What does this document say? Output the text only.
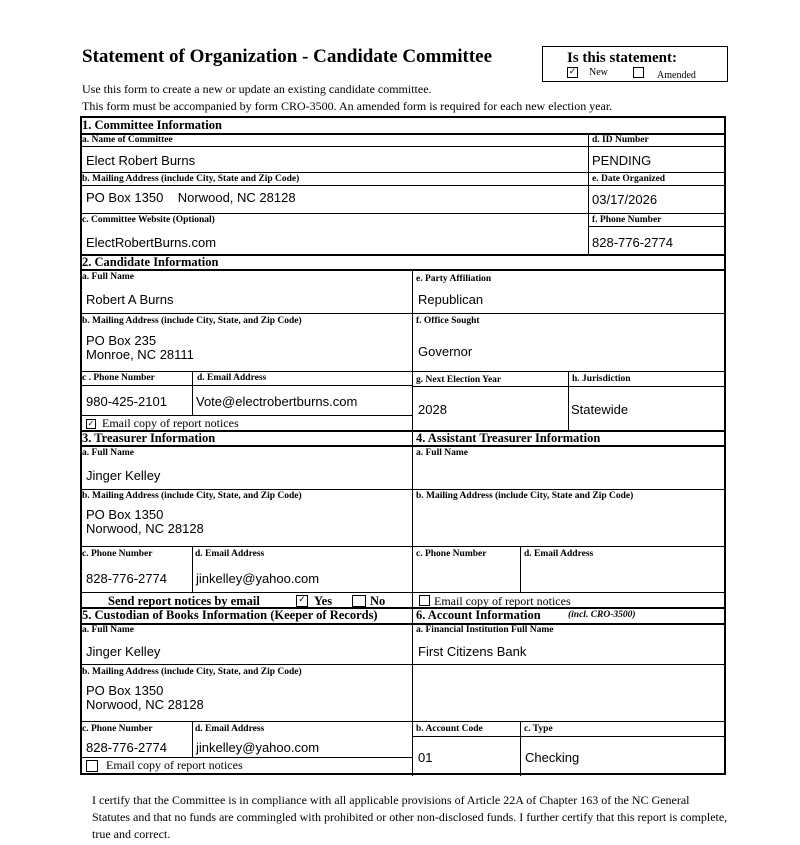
Statement of Organization - Candidate Committee	Is this statement:
✓ New	Amended
Use this form to create a new or update an existing candidate committee.
This form must be accompanied by form CRO-3500. An amended form is required for each new election year.
1. Committee Information
a. Name of Committee
Elect Robert Burns
d. ID Number
PENDING
b. Mailing Address (include City, State and Zip Code)
PO Box 1350    Norwood, NC 28128
e. Date Organized
03/17/2026
c. Committee Website (Optional)
ElectRobertBurns.com
f. Phone Number
828-776-2774
2. Candidate Information
a. Full Name
Robert A Burns
e. Party Affiliation
Republican
b. Mailing Address (include City, State, and Zip Code)
PO Box 235
Monroe, NC 28111
f. Office Sought
Governor
c . Phone Number	d. Email Address
980-425-2101 Vote@electrobertburns.com
✓ Email copy of report notices
g. Next Election Year	h. Jurisdiction
2028	Statewide
3. Treasurer Information	4. Assistant Treasurer Information
a. Full Name
Jinger Kelley
a. Full Name
b. Mailing Address (include City, State, and Zip Code)
PO Box 1350
Norwood, NC 28128
b. Mailing Address (include City, State and Zip Code)
c. Phone Number	d. Email Address
828-776-2774 jinkelley@yahoo.com
c. Phone Number	d. Email Address
Send report notices by email	✓ Yes	No	Email copy of report notices
5. Custodian of Books Information (Keeper of Records)	6. Account Information	(incl. CRO-3500)
a. Full Name
Jinger Kelley
a. Financial Institution Full Name
First Citizens Bank
b. Mailing Address (include City, State, and Zip Code)
PO Box 1350
Norwood, NC 28128
c. Phone Number	d. Email Address
828-776-2774 jinkelley@yahoo.com
Email copy of report notices
b. Account Code	c. Type
01	Checking
I certify that the Committee is in compliance with all applicable provisions of Article 22A of Chapter 163 of the NC General Statutes and that no funds are commingled with prohibited or other non-disclosed funds. I further certify that this report is complete, true and correct.
